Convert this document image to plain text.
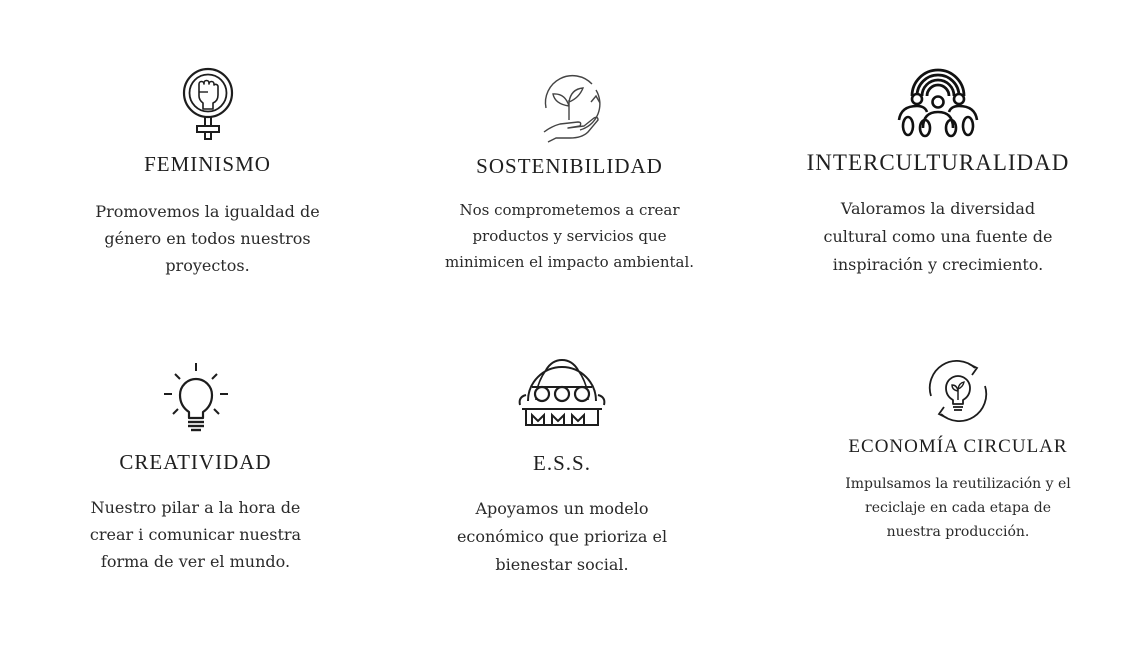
FEMINISMO
Promovemos la igualdad de género en todos nuestros proyectos.
SOSTENIBILIDAD
Nos comprometemos a crear productos y servicios que minimicen el impacto ambiental.
INTERCULTURALIDAD
Valoramos la diversidad cultural como una fuente de inspiración y crecimiento.
CREATIVIDAD
Nuestro pilar a la hora de crear i comunicar nuestra forma de ver el mundo.
E.S.S.
Apoyamos un modelo económico que prioriza el bienestar social.
ECONOMÍA CIRCULAR
Impulsamos la reutilización y el reciclaje en cada etapa de nuestra producción.
